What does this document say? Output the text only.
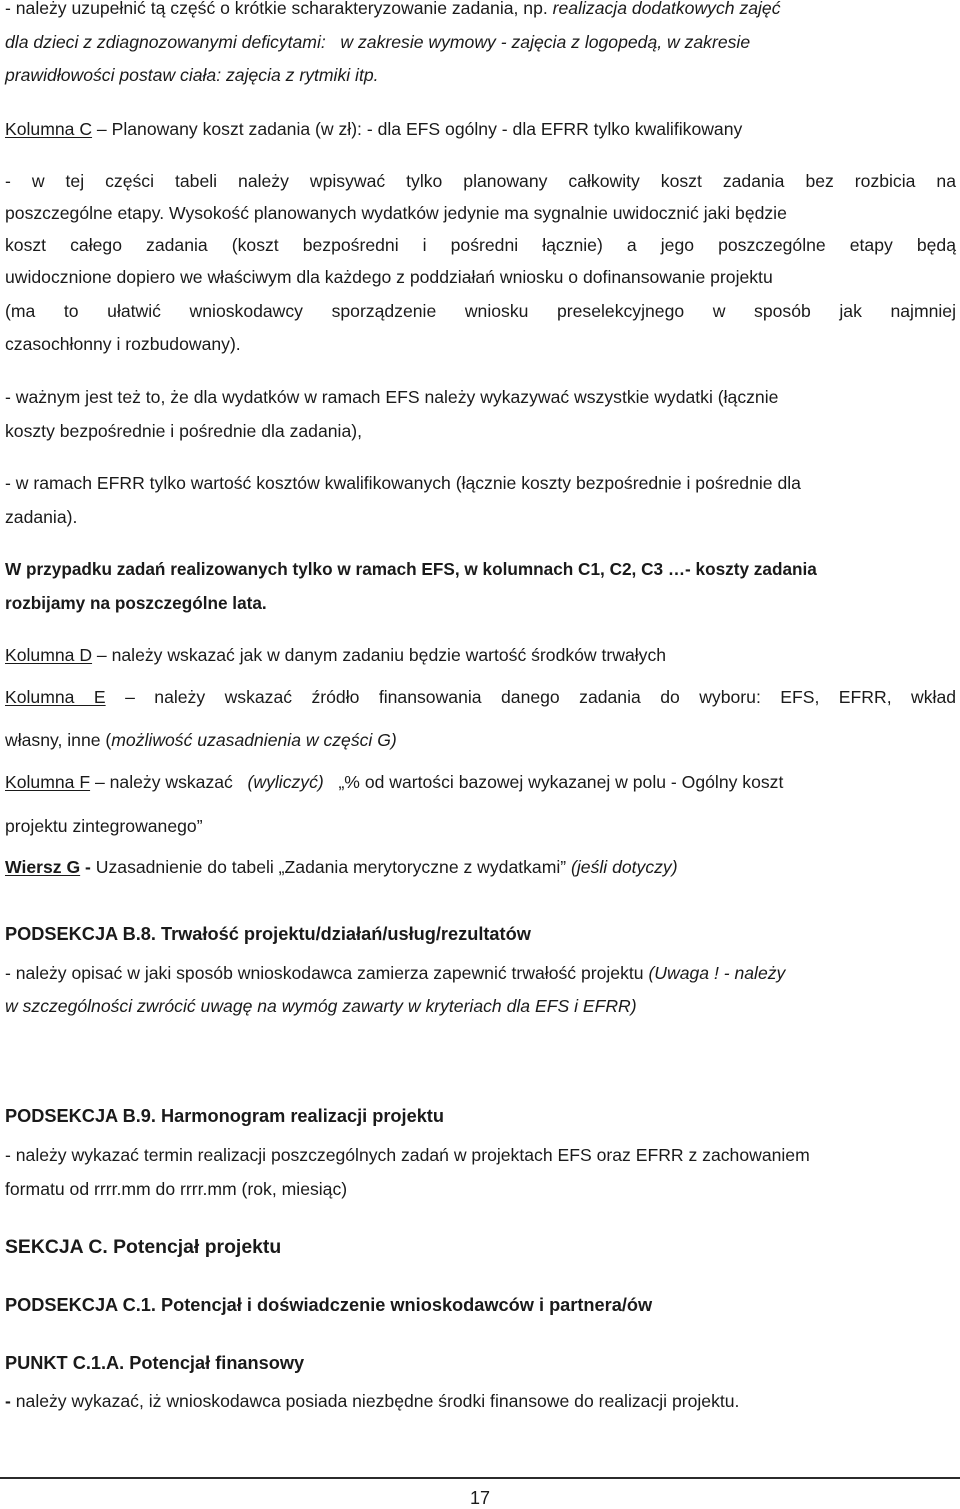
- należy uzupełnić tą część o krótkie scharakteryzowanie zadania, np. realizacja dodatkowych zajęć
dla dzieci z zdiagnozowanymi deficytami:   w zakresie wymowy - zajęcia z logopedą, w zakresie
prawidłowości postaw ciała: zajęcia z rytmiki itp.
Kolumna C – Planowany koszt zadania (w zł): - dla EFS ogólny - dla EFRR tylko kwalifikowany
- w tej części tabeli należy wpisywać tylko planowany całkowity koszt zadania bez rozbicia na
poszczególne etapy. Wysokość planowanych wydatków jedynie ma sygnalnie uwidocznić jaki będzie
koszt całego zadania (koszt bezpośredni i pośredni łącznie) a jego poszczególne etapy będą
uwidocznione dopiero we właściwym dla każdego z poddziałań wniosku o dofinansowanie projektu
(ma to ułatwić wnioskodawcy sporządzenie wniosku preselekcyjnego w sposób jak najmniej
czasochłonny i rozbudowany).
- ważnym jest też to, że dla wydatków w ramach EFS należy wykazywać wszystkie wydatki (łącznie
koszty bezpośrednie i pośrednie dla zadania),
- w ramach EFRR tylko wartość kosztów kwalifikowanych (łącznie koszty bezpośrednie i pośrednie dla
zadania).
W przypadku zadań realizowanych tylko w ramach EFS, w kolumnach C1, C2, C3 …- koszty zadania
rozbijamy na poszczególne lata.
Kolumna D – należy wskazać jak w danym zadaniu będzie wartość środków trwałych
Kolumna E – należy wskazać źródło finansowania danego zadania do wyboru: EFS, EFRR, wkład
własny, inne (możliwość uzasadnienia w części G)
Kolumna F – należy wskazać (wyliczyć) „% od wartości bazowej wykazanej w polu - Ogólny koszt
projektu zintegrowanego”
Wiersz G - Uzasadnienie do tabeli „Zadania merytoryczne z wydatkami” (jeśli dotyczy)
PODSEKCJA B.8. Trwałość projektu/działań/usług/rezultatów
- należy opisać w jaki sposób wnioskodawca zamierza zapewnić trwałość projektu (Uwaga ! - należy
w szczególności zwrócić uwagę na wymóg zawarty w kryteriach dla EFS i EFRR)
PODSEKCJA B.9. Harmonogram realizacji projektu
- należy wykazać termin realizacji poszczególnych zadań w projektach EFS oraz EFRR z zachowaniem
formatu od rrrr.mm do rrrr.mm (rok, miesiąc)
SEKCJA C. Potencjał projektu
PODSEKCJA C.1. Potencjał i doświadczenie wnioskodawców i partnera/ów
PUNKT C.1.A. Potencjał finansowy
- należy wykazać, iż wnioskodawca posiada niezbędne środki finansowe do realizacji projektu.
17
